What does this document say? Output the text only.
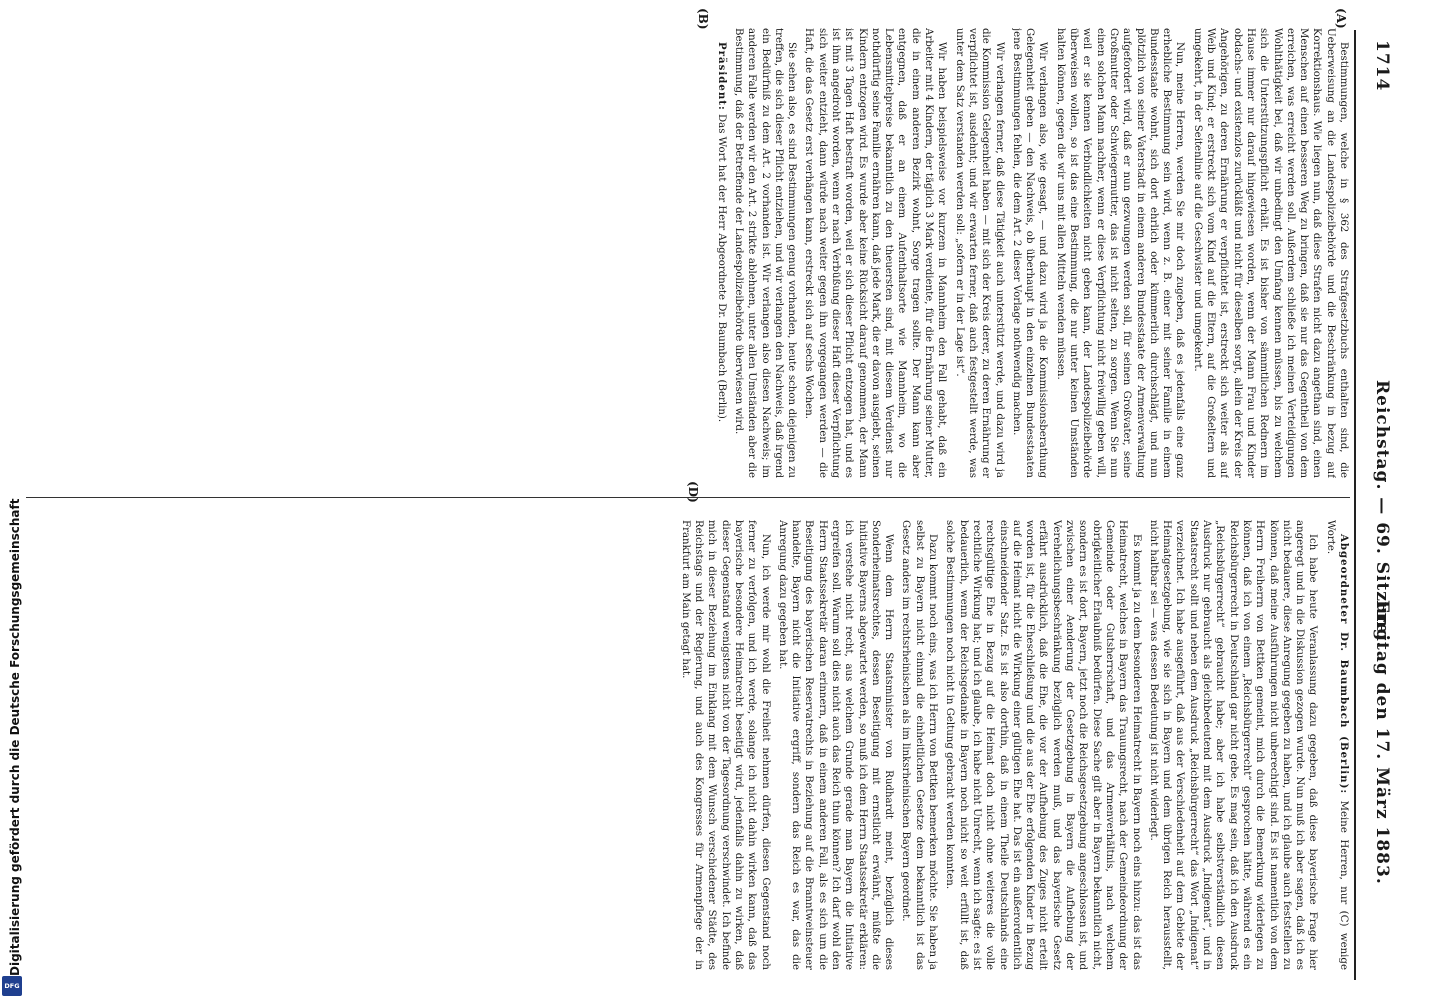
1714
Reichstag. — 69. Sitzung.
Freitag den 17. März 1883.
(A)
(B)
(D)

Bestimmungen, welche in § 362 des Strafgesetzbuchs enthalten sind, die Ueberweisung an die Landespolizeibehörde und die Beschränkung in bezug auf Korrektionshaus. Wie liegen nun, daß diese Strafen nicht dazu angethan sind, einen Menschen auf einen besseren Weg zu bringen, daß sie nur das Gegentheil von dem erreichen, was erreicht werden soll. Außerdem schließe ich meinen Verteidigungen Wohlthätigkeit bei, daß wir unbedingt den Umfang kennen müssen, bis zu welchem sich die Unterstützungspflicht erhält. Es ist bisher von sämmtlichen Rednern im Hause immer nur darauf hingewiesen worden, wenn der Mann Frau und Kinder obdachs- und existenzlos zurückläßt und nicht für dieselben sorgt, allein der Kreis der Angehörigen, zu deren Ernährung er verpflichtet ist, erstreckt sich weiter als auf Weib und Kind; er erstreckt sich vom Kind auf die Eltern, auf die Großeltern und umgekehrt, in der Seitenlinie auf die Geschwister und umgekehrt.

Nun, meine Herren, werden Sie mir doch zugeben, daß es jedenfalls eine ganz erhebliche Bestimmung sein wird, wenn z. B. einer mit seiner Familie in einem Bundesstaate wohnt, sich dort ehrlich oder kümmerlich durchschlägt, und nun plötzlich von seiner Vaterstadt in einem anderen Bundesstaate der Armenverwaltung aufgefordert wird, daß er nun gezwungen werden soll, für seinen Großvater, seine Großmutter oder Schwiegermutter, das ist nicht selten, zu sorgen. Wenn Sie nun einen solchen Mann nachher, wenn er diese Verpflichtung nicht freiwillig geben will, weil er sie kennen Verbindlichkeiten nicht geben kann, der Landespolizeibehörde überweisen wollen, so ist das eine Bestimmung, die nur unter keinen Umständen halten können, gegen die wir uns mit allen Mitteln wenden müssen.

Wir verlangen also, wie gesagt, — und dazu wird ja die Kommissionsberathung Gelegenheit geben — den Nachweis, ob überhaupt in den einzelnen Bundesstaaten jene Bestimmungen fehlen, die dem Art. 2 dieser Vorlage nothwendig machen.

Wir verlangen ferner, daß diese Tätigkeit auch unterstützt werde, und dazu wird ja die Kommission Gelegenheit haben — mit sich der Kreis derer, zu deren Ernährung er verpflichtet ist, ausdehnt; und wir erwarten ferner, daß auch festgestellt werde, was unter dem Satz verstanden werden soll: „sofern er in der Lage ist“.

Wir haben beispielsweise vor kurzem in Mannheim den Fall gehabt, daß ein Arbeiter mit 4 Kindern, der täglich 3 Mark verdiente, für die Ernährung seiner Mutter, die in einem anderen Bezirk wohnt, Sorge tragen sollte. Der Mann kann aber entgegnen, daß er an einem Aufenthaltsorte wie Mannheim, wo die Lebensmittelpreise bekanntlich zu den theuersten sind, mit diesem Verdienst nur nothdürftig seine Familie ernähren kann, daß jede Mark, die er davon ausgiebt, seinen Kindern entzogen wird. Es wurde aber keine Rücksicht darauf genommen, der Mann ist mit 3 Tagen Haft bestraft worden, weil er sich dieser Pflicht entzogen hat, und es ist ihm angedroht worden, wenn er nach Verbüßung dieser Haft dieser Verpflichtung sich weiter entzieht, dann würde nach weiter gegen ihn vorgegangen werden — die Haft, die das Gesetz erst verhängen kann, erstreckt sich auf sechs Wochen.

Sie sehen also, es sind Bestimmungen genug vorhanden, heute schon diejenigen zu treffen, die sich dieser Pflicht entziehen, und wir verlangen den Nachweis, daß irgend ein Bedürfniß zu dem Art. 2 vorhanden ist. Wir verlangen also diesen Nachweis; im anderen Falle werden wir den Art. 2 strikte ablehnen, unter allen Umständen aber die Bestimmung, daß der Betreffende der Landespolizeibehörde überwiesen wird.

Präsident: Das Wort hat der Herr Abgeordnete Dr. Baumbach (Berlin).

Abgeordneter Dr. Baumbach (Berlin): Meine Herren, nur (C) wenige Worte.

Ich habe heute Veranlassung dazu gegeben, daß diese bayerische Frage hier angeregt und in die Diskussion gezogen wurde. Nun muß ich aber sagen, daß ich es nicht bedauere, diese Anregung gegeben zu haben, und ich glaube auch feststellen zu können, daß meine Ausführungen nicht unberechtigt sind. Es ist namentlich von dem Herrn Freiherrn von Bettken gemeint, mich durch die Bemerkung widerlegen zu können, daß ich von einem „Reichsbürgerrecht“ gesprochen hätte, während es ein Reichsbürgerrecht in Deutschland gar nicht gebe. Es mag sein, daß ich den Ausdruck „Reichsbürgerrecht“ gebraucht habe; aber ich habe selbstverständlich diesen Ausdruck nur gebraucht als gleichbedeutend mit dem Ausdruck „Indigenat“, und in Staatsrecht sollt und neben dem Ausdruck „Reichsbürgerrecht“ das Wort „Indigenat“ verzeichnet. Ich habe ausgeführt, daß aus der Verschiedenheit auf dem Gebiete der Heimatgesetzgebung, wie sie sich in Bayern und dem übrigen Reich herausstellt, nicht haltbar sei — was dessen Bedeutung ist nicht widerlegt.

Es kommt ja zu dem besonderen Heimatrecht in Bayern noch eins hinzu: das ist das Heimatrecht, welches in Bayern das Trauungsrecht, nach der Gemeindeordnung der Gemeinde oder Gutsherrschaft, und das Armenverhältnis, nach welchem obrigkeitlicher Erlaubniß bedürfen. Diese Sache gilt aber in Bayern bekanntlich nicht, sondern es ist dort, Bayern, jetzt noch die Reichsgesetzgebung angeschlossen ist, und zwischen einer Aenderung der Gesetzgebung in Bayern die Aufhebung der Verehelichungsbeschränkung bezüglich werden muß, und das bayerische Gesetz erfährt ausdrücklich, daß die Ehe, die vor der Aufhebung des Zuges nicht erteilt worden ist, für die Eheschließung und die aus der Ehe erfolgenden Kinder in Bezug auf die Heimat nicht die Wirkung einer gültigen Ehe hat. Das ist ein außerordentlich einschneidender Satz. Es ist also dorthin, daß in einem Theile Deutschlands eine rechtsgültige Ehe in Bezug auf die Heimat doch nicht ohne weiteres die volle rechtliche Wirkung hat; und ich glaube, ich habe nicht Unrecht, wenn ich sagte: es ist bedauerlich, wenn der Reichsgedanke in Bayern noch nicht so weit erfüllt ist, daß solche Bestimmungen noch nicht in Geltung gebracht werden konnten.

Dazu kommt noch eins, was ich Herrn von Bettken bemerken möchte. Sie haben ja selbst zu Bayern nicht einmal die einheitlichen Gesetze dem bekanntlich ist das Gesetz anders im rechtsrheinischen als im linksrheinischen Bayern geordnet.

Wenn dem Herrn Staatsminister von Rudhardt meint, bezüglich dieses Sonderheimatsrechtes, dessen Beseitigung mit ernstlicht erwähnt, müßte die Initiative Bayerns abgewartet werden, so muß ich dem Herrn Staatssekretär erklären: ich verstehe nicht recht, aus welchem Grunde gerade man Bayern die Initiative ergreifen soll. Warum soll dies nicht auch das Reich thun können? Ich darf wohl den Herrn Staatssekretär daran erinnern, daß in einem anderen Fall, als es sich um die Beseitigung des bayerischen Reservatrechts in Beziehung auf die Branntweinsteuer handelte, Bayern nicht die Initiative ergriff, sondern das Reich es war, das die Anregung dazu gegeben hat.

Nun, ich werde mir wohl die Freiheit nehmen dürfen, diesen Gegenstand noch ferner zu verfolgen, und ich werde, solange ich nicht dahin wirken kann, daß das bayerische besondere Heimatrecht beseitigt wird, jedenfalls dahin zu wirken, daß dieser Gegenstand wenigstens nicht von der Tagesordnung verschwindet. Ich befinde mich in dieser Beziehung im Einklang mit dem Wunsch verschiedener Städte, des Reichstags und der Regierung, und auch des Kongresses für Armenpflege der in Frankfurt am Main getagt hat.

Digitalisierung gefördert durch die Deutsche Forschungsgemeinschaft
DFG
